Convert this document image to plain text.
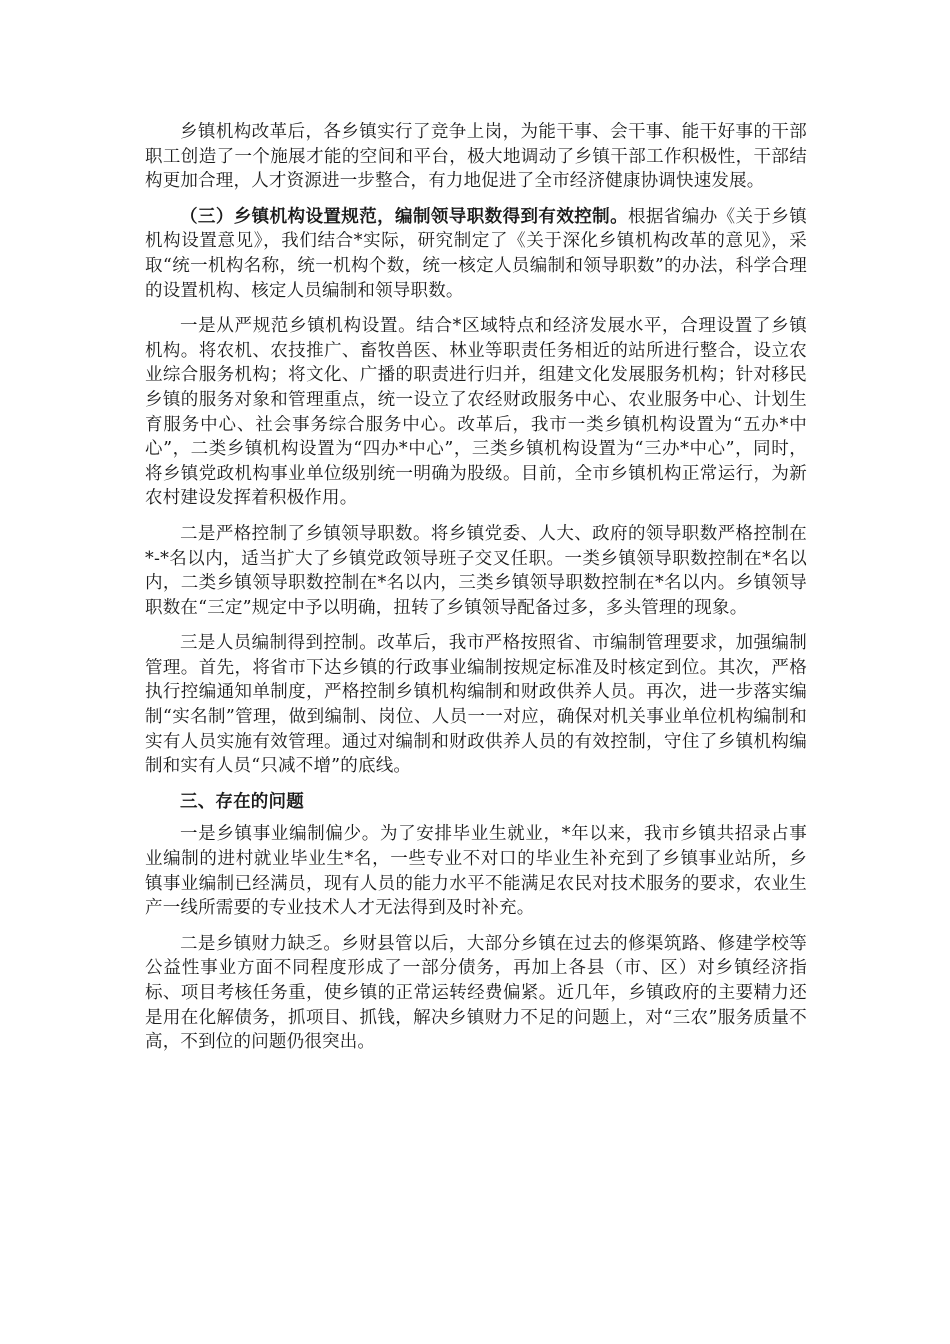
乡镇机构改革后，各乡镇实行了竞争上岗，为能干事、会干事、能干好事的干部职工创造了一个施展才能的空间和平台，极大地调动了乡镇干部工作积极性，干部结构更加合理，人才资源进一步整合，有力地促进了全市经济健康协调快速发展。

（三）乡镇机构设置规范，编制领导职数得到有效控制。根据省编办《关于乡镇机构设置意见》，我们结合*实际，研究制定了《关于深化乡镇机构改革的意见》，采取“统一机构名称，统一机构个数，统一核定人员编制和领导职数”的办法，科学合理的设置机构、核定人员编制和领导职数。

一是从严规范乡镇机构设置。结合*区域特点和经济发展水平，合理设置了乡镇机构。将农机、农技推广、畜牧兽医、林业等职责任务相近的站所进行整合，设立农业综合服务机构；将文化、广播的职责进行归并，组建文化发展服务机构；针对移民乡镇的服务对象和管理重点，统一设立了农经财政服务中心、农业服务中心、计划生育服务中心、社会事务综合服务中心。改革后，我市一类乡镇机构设置为“五办*中心”，二类乡镇机构设置为“四办*中心”，三类乡镇机构设置为“三办*中心”，同时，将乡镇党政机构事业单位级别统一明确为股级。目前，全市乡镇机构正常运行，为新农村建设发挥着积极作用。

二是严格控制了乡镇领导职数。将乡镇党委、人大、政府的领导职数严格控制在*-*名以内，适当扩大了乡镇党政领导班子交叉任职。一类乡镇领导职数控制在*名以内，二类乡镇领导职数控制在*名以内，三类乡镇领导职数控制在*名以内。乡镇领导职数在“三定”规定中予以明确，扭转了乡镇领导配备过多，多头管理的现象。

三是人员编制得到控制。改革后，我市严格按照省、市编制管理要求，加强编制管理。首先，将省市下达乡镇的行政事业编制按规定标准及时核定到位。其次，严格执行控编通知单制度，严格控制乡镇机构编制和财政供养人员。再次，进一步落实编制“实名制”管理，做到编制、岗位、人员一一对应，确保对机关事业单位机构编制和实有人员实施有效管理。通过对编制和财政供养人员的有效控制，守住了乡镇机构编制和实有人员“只减不增”的底线。

三、存在的问题

一是乡镇事业编制偏少。为了安排毕业生就业，*年以来，我市乡镇共招录占事业编制的进村就业毕业生*名，一些专业不对口的毕业生补充到了乡镇事业站所，乡镇事业编制已经满员，现有人员的能力水平不能满足农民对技术服务的要求，农业生产一线所需要的专业技术人才无法得到及时补充。

二是乡镇财力缺乏。乡财县管以后，大部分乡镇在过去的修渠筑路、修建学校等公益性事业方面不同程度形成了一部分债务，再加上各县（市、区）对乡镇经济指标、项目考核任务重，使乡镇的正常运转经费偏紧。近几年，乡镇政府的主要精力还是用在化解债务，抓项目、抓钱，解决乡镇财力不足的问题上，对“三农”服务质量不高，不到位的问题仍很突出。
